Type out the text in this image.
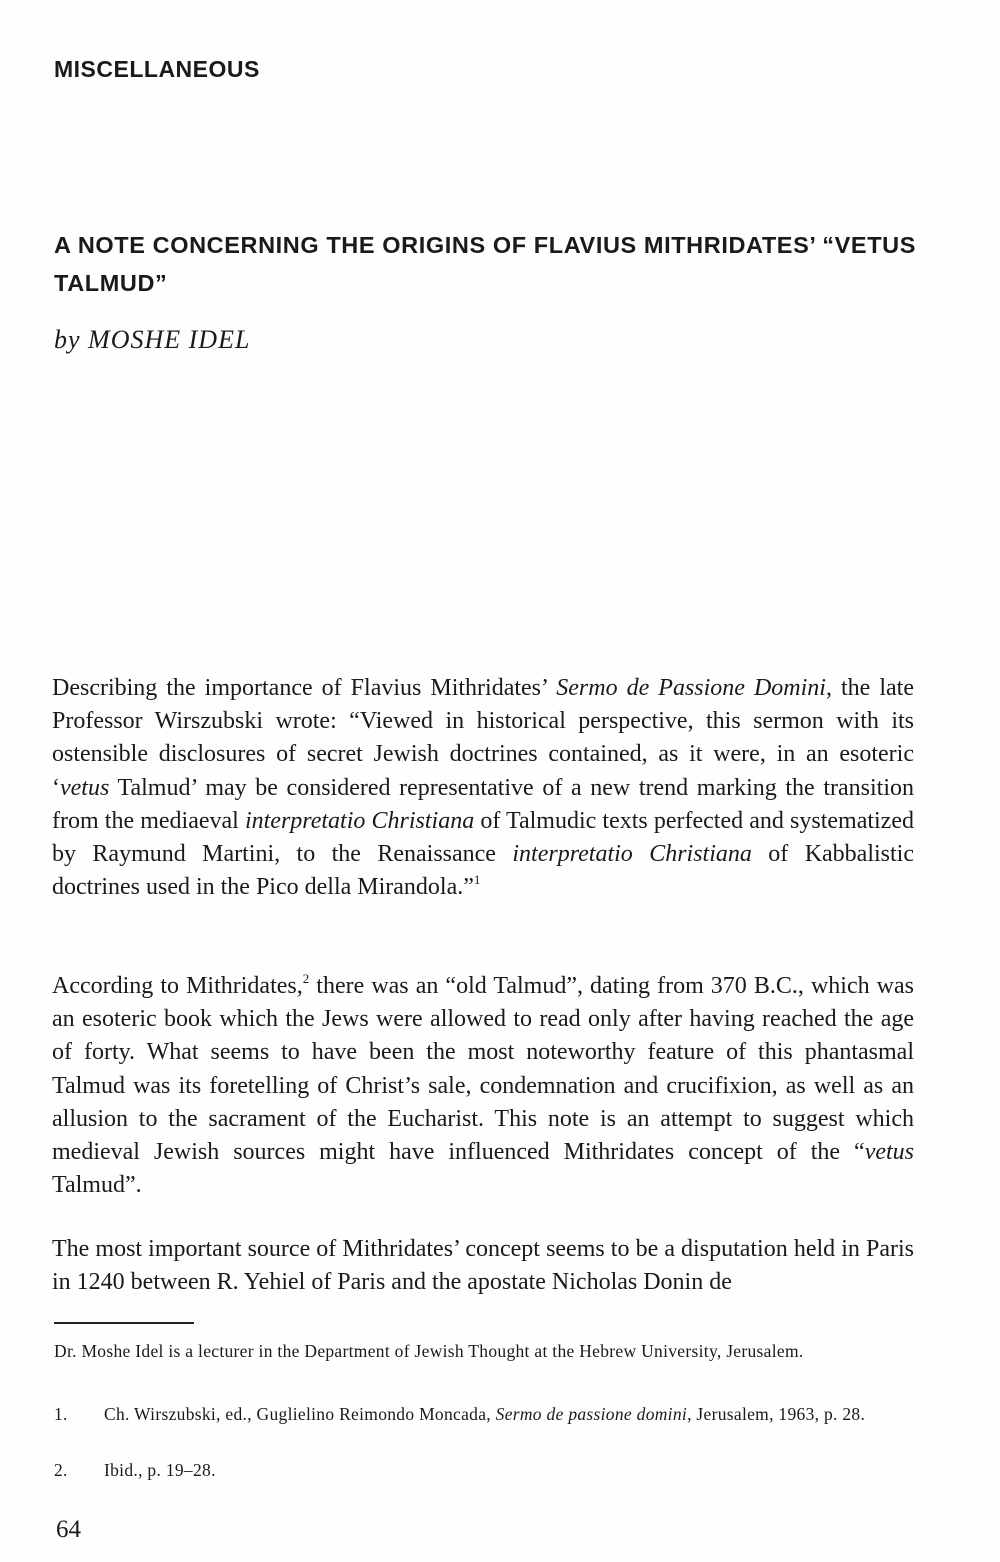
MISCELLANEOUS
A NOTE CONCERNING THE ORIGINS OF FLAVIUS MITHRIDATES’ “VETUS TALMUD”
by MOSHE IDEL

Describing the importance of Flavius Mithridates’ Sermo de Passione Domini, the late Professor Wirszubski wrote: “Viewed in historical perspective, this sermon with its ostensible disclosures of secret Jewish doctrines contained, as it were, in an esoteric ‘vetus Talmud’ may be considered representative of a new trend marking the transition from the mediaeval interpretatio Christiana of Talmudic texts perfected and systematized by Raymund Martini, to the Renaissance interpretatio Christiana of Kabbalistic doctrines used in the Pico della Mirandola.”$^1$

According to Mithridates,$^2$ there was an “old Talmud”, dating from 370 B.C., which was an esoteric book which the Jews were allowed to read only after having reached the age of forty. What seems to have been the most noteworthy feature of this phantasmal Talmud was its foretelling of Christ’s sale, condemnation and crucifixion, as well as an allusion to the sacrament of the Eucharist. This note is an attempt to suggest which medieval Jewish sources might have influenced Mithridates concept of the “vetus Talmud”.

The most important source of Mithridates’ concept seems to be a disputation held in Paris in 1240 between R. Yehiel of Paris and the apostate Nicholas Donin de

Dr. Moshe Idel is a lecturer in the Department of Jewish Thought at the Hebrew University, Jerusalem.

1. Ch. Wirszubski, ed., Guglielino Reimondo Moncada, Sermo de passione domini, Jerusalem, 1963, p. 28.

2. Ibid., p. 19–28.

64
